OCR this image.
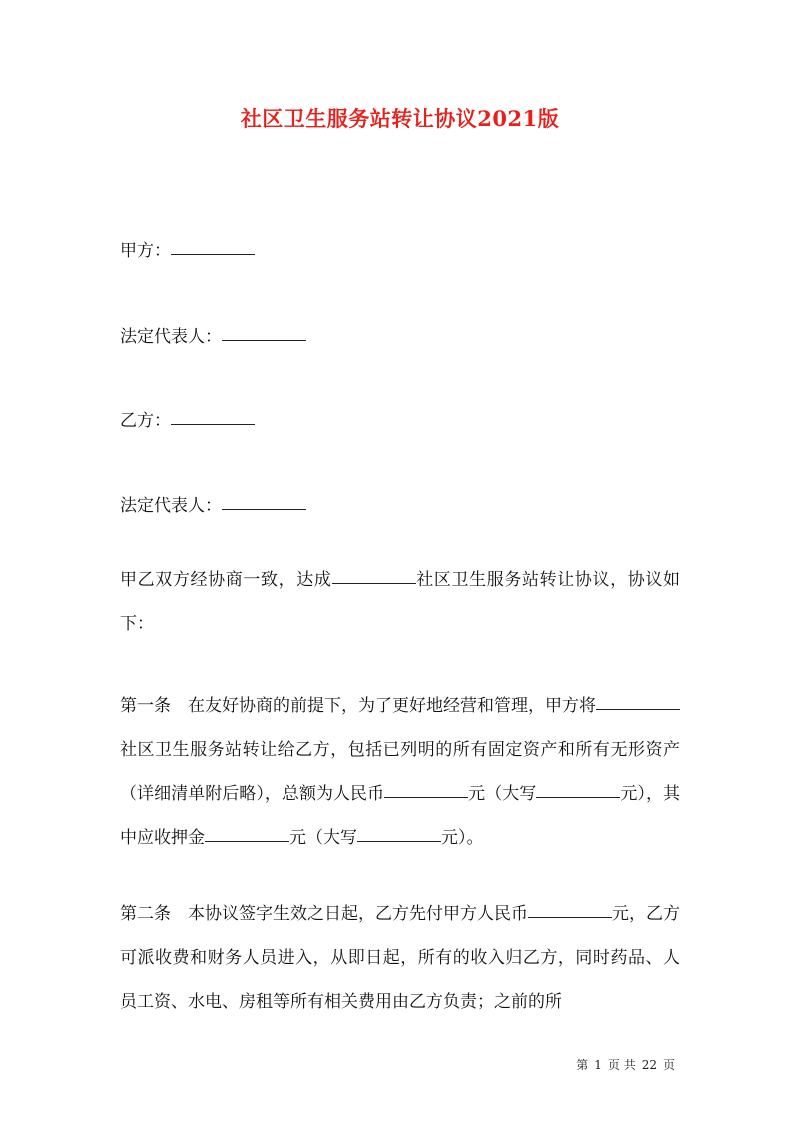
社区卫生服务站转让协议2021版
甲方：
法定代表人：
乙方：
法定代表人：
甲乙双方经协商一致，达成	社区卫生服务站转让协议，协议如下：
第一条　在友好协商的前提下，为了更好地经营和管理，甲方将社区卫生服务站转让给乙方，包括已列明的所有固定资产和所有无形资产（详细清单附后略），总额为人民币	元（大写	元），其中应收押金	元（大写	元）。
第二条　本协议签字生效之日起，乙方先付甲方人民币	元，乙方可派收费和财务人员进入，从即日起，所有的收入归乙方，同时药品、人员工资、水电、房租等所有相关费用由乙方负责；之前的所
第 1 页 共 22 页
